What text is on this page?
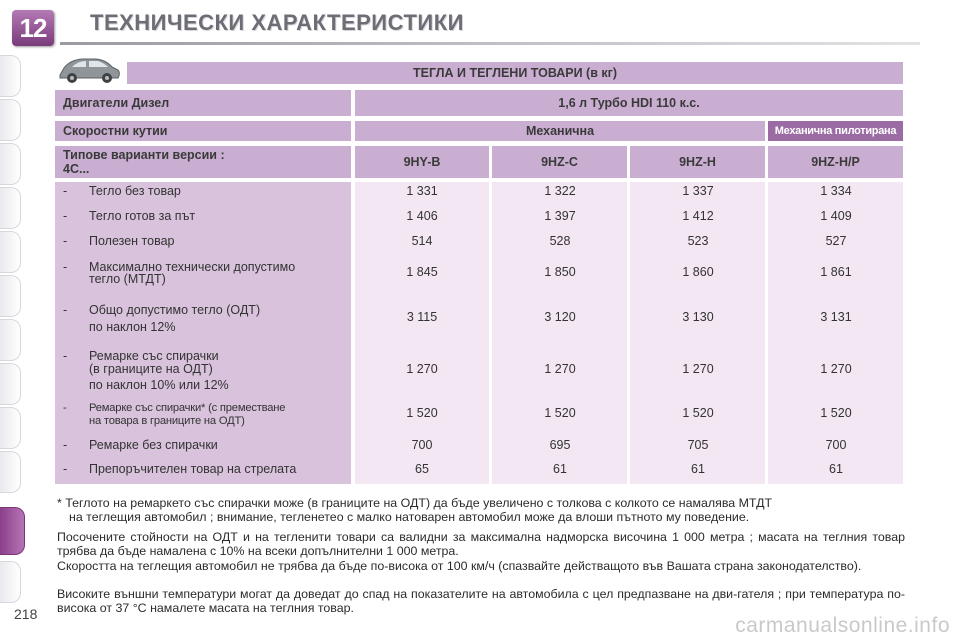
12	ТЕХНИЧЕСКИ ХАРАКТЕРИСТИКИ
ТЕГЛА И ТЕГЛЕНИ ТОВАРИ (в кг)
Двигатели Дизел	1,6 л Турбо HDI 110 к.с.
Скоростни кутии	Механична	Механична пилотирана
Типове варианти версии :
4C...	9HY-B	9HZ-C	9HZ-H	9HZ-H/P
- Тегло без товар	1 331	1 322	1 337	1 334
- Тегло готов за път	1 406	1 397	1 412	1 409
- Полезен товар	514	528	523	527
- Максимално технически допустимо
тегло (МТДТ)	1 845	1 850	1 860	1 861
- Общо допустимо тегло (ОДТ)
по наклон 12%
3 115	3 120	3 130	3 131
- Ремарке със спирачки
(в границите на ОДТ)
по наклон 10% или 12%
1 270	1 270	1 270	1 270
- Ремарке със спирачки* (с преместване
на товара в границите на ОДТ)
1 520	1 520	1 520	1 520
- Ремарке без спирачки	700	695	705	700
- Препоръчителен товар на стрелата	65	61	61	61
* Теглото на ремаркето със спирачки може (в границите на ОДТ) да бъде увеличено с толкова с колкото се намалява МТДТ
на теглещия автомобил ; внимание, тегленетео с малко натоварен автомобил може да влоши пътното му поведение.
Посочените стойности на ОДТ и на тегленити товари са валидни за максимална надморска височина 1 000 метра ; масата на теглния товар трябва да бъде намалена с 10% на всеки допълнителни 1 000 метра.
Скоростта на теглещия автомобил не трябва да бъде по-висока от 100 км/ч (спазвайте действащото във Вашата страна законодателство).
Високите външни температури могат да доведат до спад на показателите на автомобила с цел предпазване на дви-гателя ; при температура по-висока от 37 °C намалете масата на теглния товар.
218	carmanualsonline.info
